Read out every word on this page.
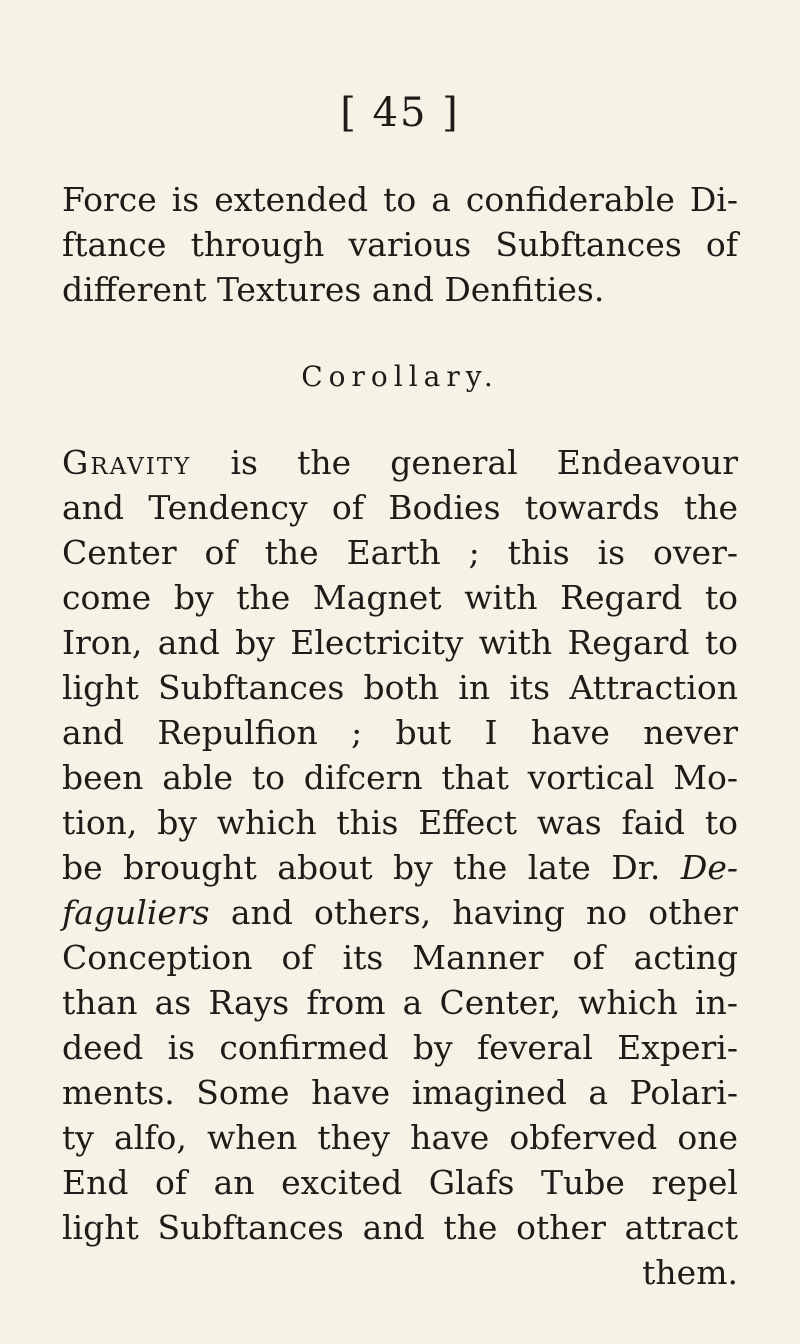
[ 45 ]
Force is extended to a confiderable Di-
ftance through various Subftances of
different Textures and Denfities.
Corollary.
Gravity is the general Endeavour
and Tendency of Bodies towards the
Center of the Earth ; this is over-
come by the Magnet with Regard to
Iron, and by Electricity with Regard to
light Subftances both in its Attraction
and Repulfion ; but I have never
been able to difcern that vortical Mo-
tion, by which this Effect was faid to
be brought about by the late Dr. De-
faguliers and others, having no other
Conception of its Manner of acting
than as Rays from a Center, which in-
deed is confirmed by feveral Experi-
ments. Some have imagined a Polari-
ty alfo, when they have obferved one
End of an excited Glafs Tube repel
light Subftances and the other attract
them.
